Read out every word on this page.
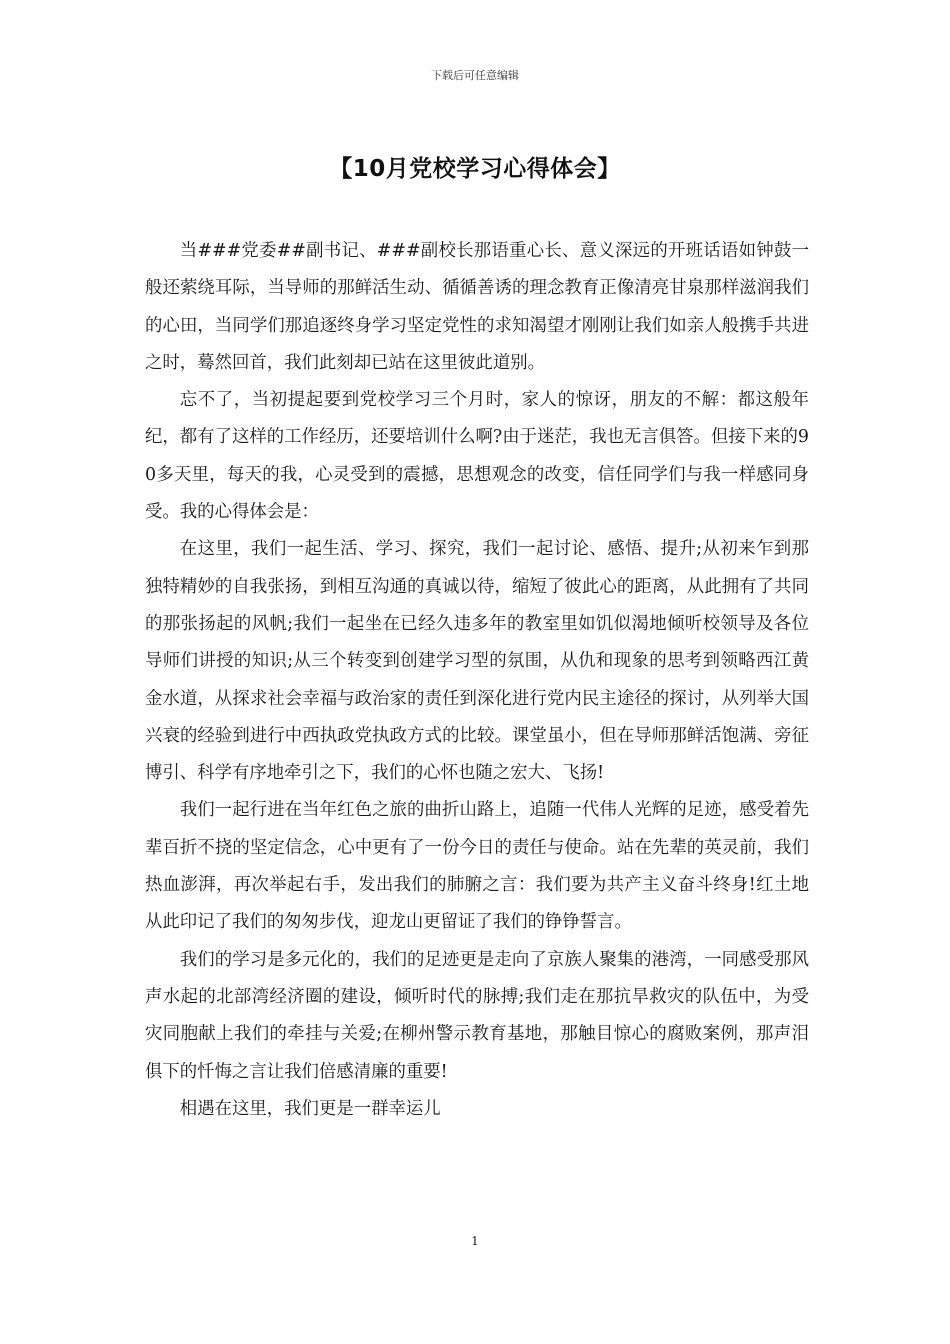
下载后可任意编辑
【10月党校学习心得体会】

当###党委##副书记、###副校长那语重心长、意义深远的开班话语如钟鼓一般还萦绕耳际，当导师的那鲜活生动、循循善诱的理念教育正像清亮甘泉那样滋润我们的心田，当同学们那追逐终身学习坚定党性的求知渴望才刚刚让我们如亲人般携手共进之时，蓦然回首，我们此刻却已站在这里彼此道别。

忘不了，当初提起要到党校学习三个月时，家人的惊讶，朋友的不解：都这般年纪，都有了这样的工作经历，还要培训什么啊?由于迷茫，我也无言俱答。但接下来的90多天里，每天的我，心灵受到的震撼，思想观念的改变，信任同学们与我一样感同身受。我的心得体会是：

在这里，我们一起生活、学习、探究，我们一起讨论、感悟、提升;从初来乍到那独特精妙的自我张扬，到相互沟通的真诚以待，缩短了彼此心的距离，从此拥有了共同的那张扬起的风帆;我们一起坐在已经久违多年的教室里如饥似渴地倾听校领导及各位导师们讲授的知识;从三个转变到创建学习型的氛围，从仇和现象的思考到领略西江黄金水道，从探求社会幸福与政治家的责任到深化进行党内民主途径的探讨，从列举大国兴衰的经验到进行中西执政党执政方式的比较。课堂虽小，但在导师那鲜活饱满、旁征博引、科学有序地牵引之下，我们的心怀也随之宏大、飞扬!

我们一起行进在当年红色之旅的曲折山路上，追随一代伟人光辉的足迹，感受着先辈百折不挠的坚定信念，心中更有了一份今日的责任与使命。站在先辈的英灵前，我们热血澎湃，再次举起右手，发出我们的肺腑之言：我们要为共产主义奋斗终身!红土地从此印记了我们的匆匆步伐，迎龙山更留证了我们的铮铮誓言。

我们的学习是多元化的，我们的足迹更是走向了京族人聚集的港湾，一同感受那风声水起的北部湾经济圈的建设，倾听时代的脉搏;我们走在那抗旱救灾的队伍中，为受灾同胞献上我们的牵挂与关爱;在柳州警示教育基地，那触目惊心的腐败案例，那声泪俱下的忏悔之言让我们倍感清廉的重要!

相遇在这里，我们更是一群幸运儿

1
